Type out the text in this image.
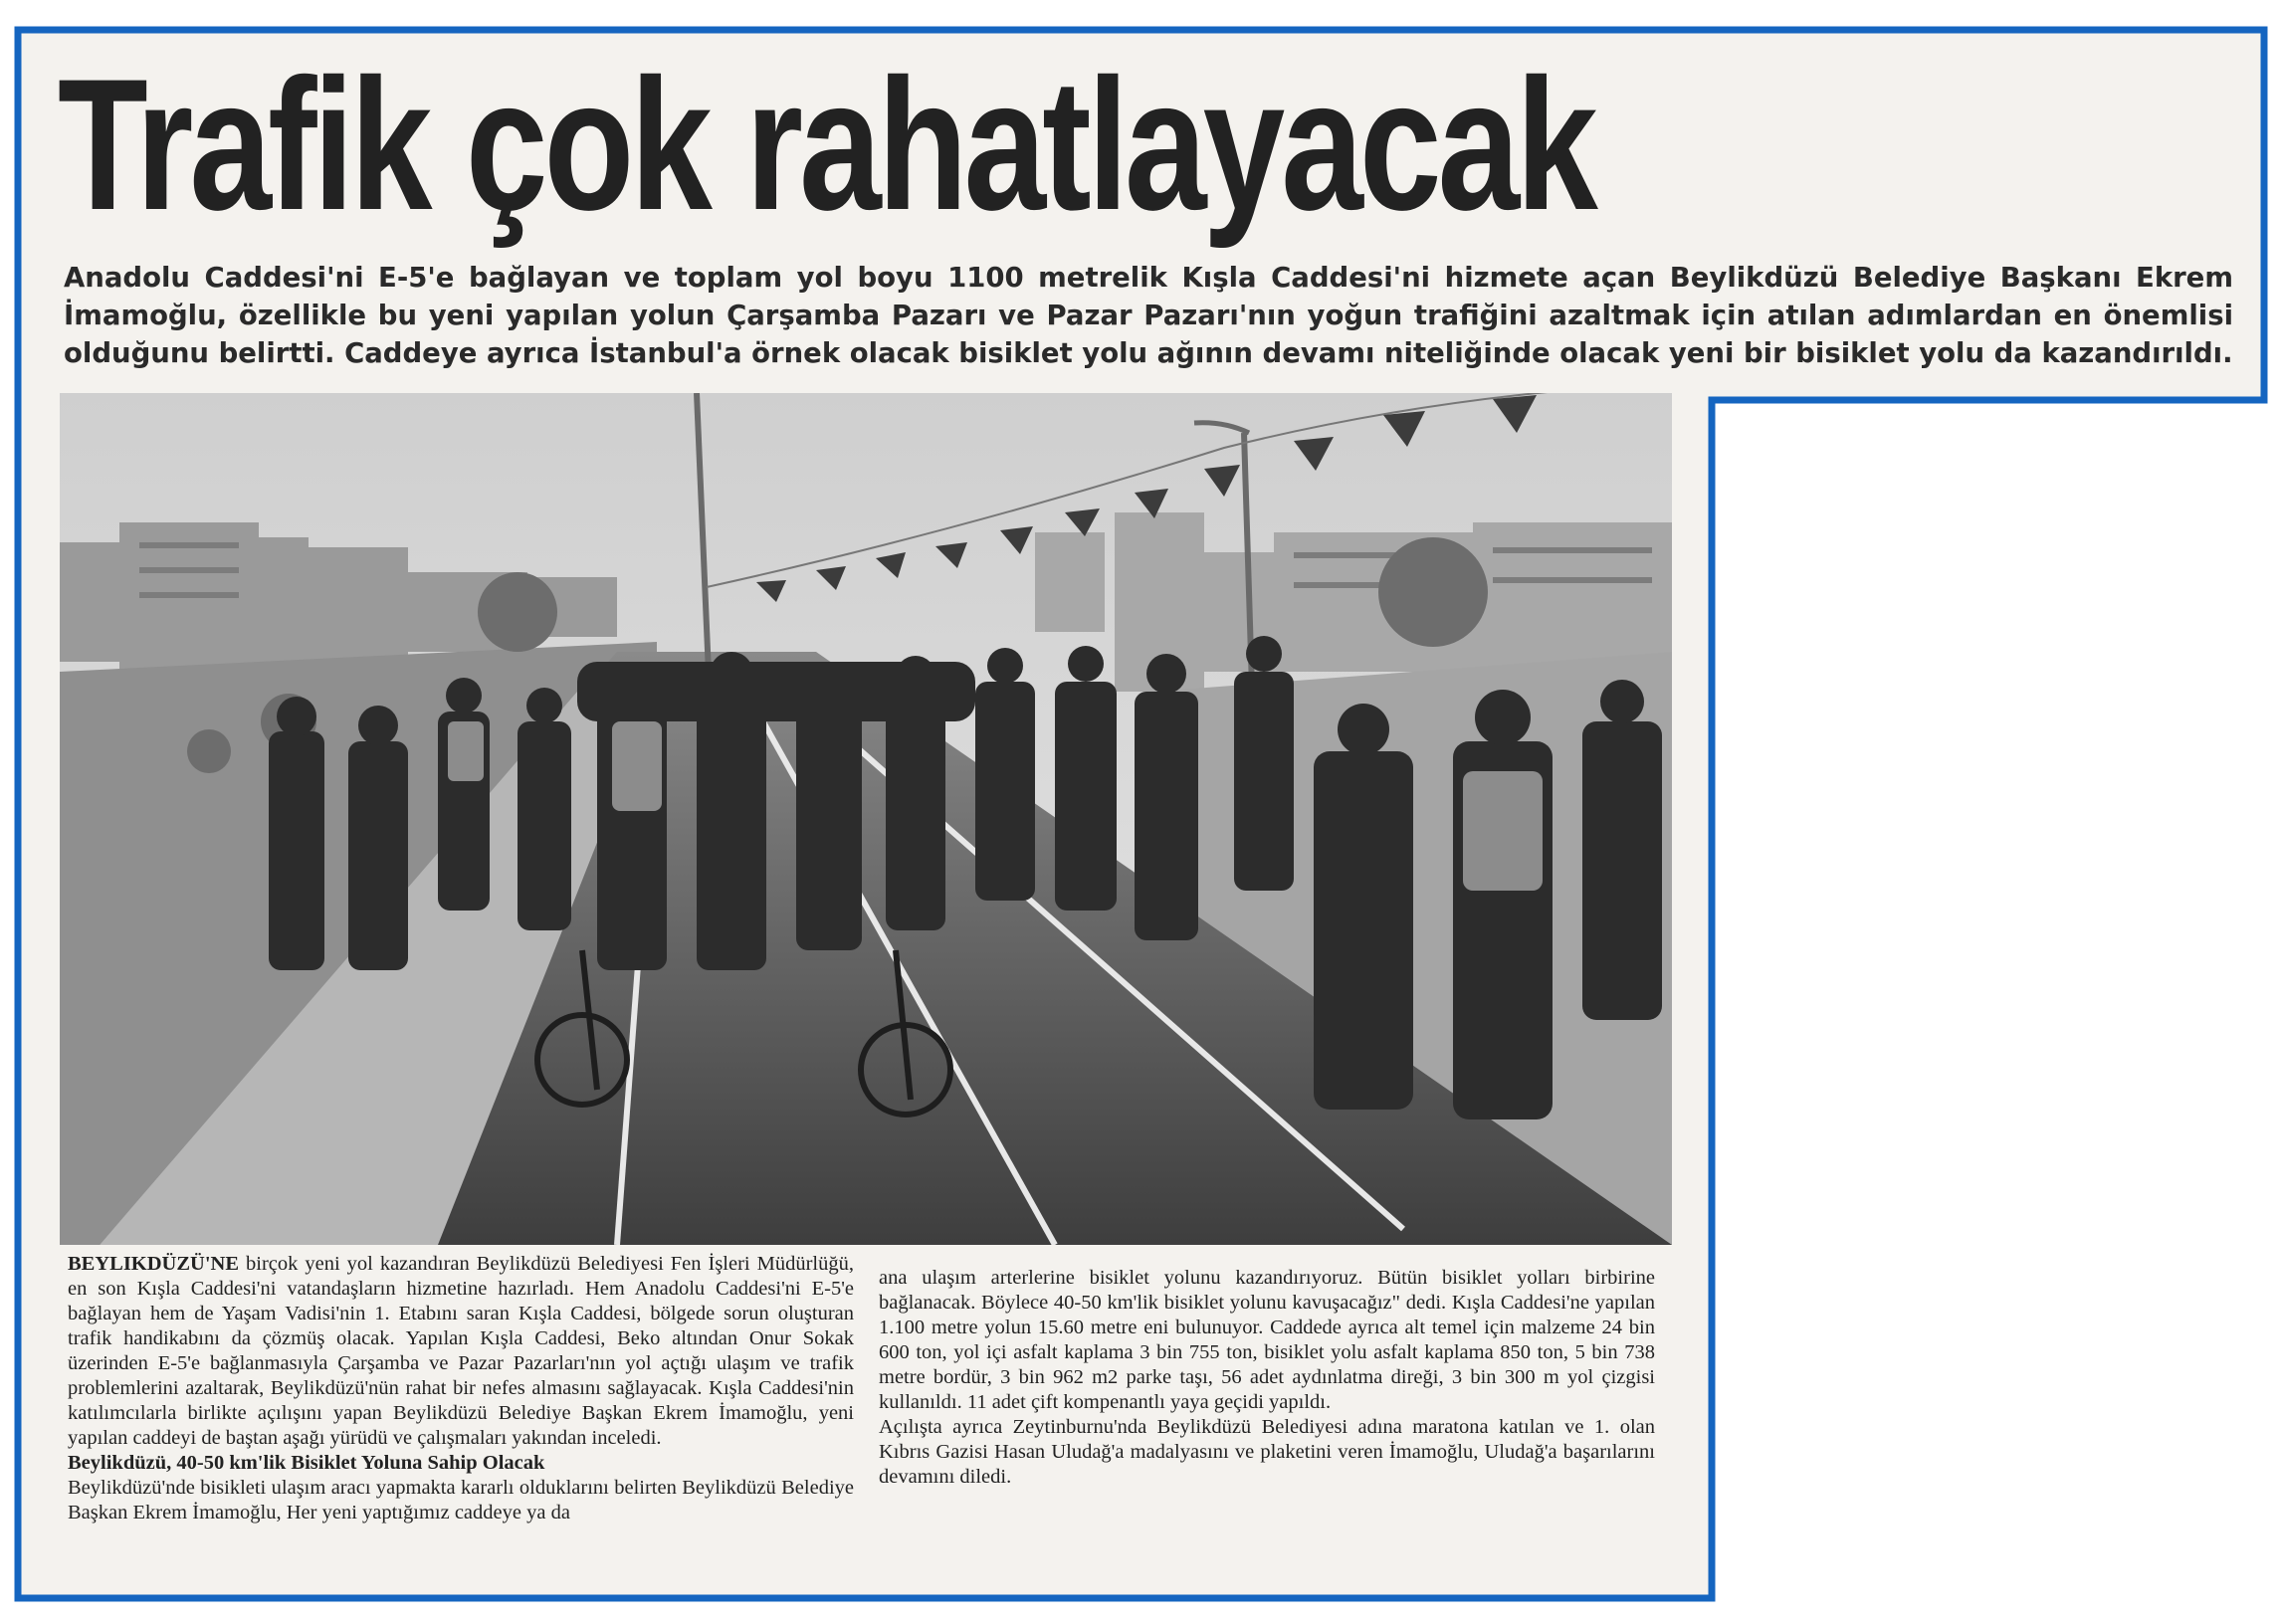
Trafik çok rahatlayacak
Anadolu Caddesi'ni E-5'e bağlayan ve toplam yol boyu 1100 metrelik Kışla Caddesi'ni hizmete açan Beylikdüzü Belediye Başkanı Ekrem
İmamoğlu, özellikle bu yeni yapılan yolun Çarşamba Pazarı ve Pazar Pazarı'nın yoğun trafiğini azaltmak için atılan adımlardan en önemlisi
olduğunu belirtti. Caddeye ayrıca İstanbul'a örnek olacak bisiklet yolu ağının devamı niteliğinde olacak yeni bir bisiklet yolu da kazandırıldı.

BEYLIKDÜZÜ'NE birçok yeni yol kazandıran Beylikdüzü Belediyesi Fen İşleri Müdürlüğü, en son Kışla Caddesi'ni vatandaşların hizmetine hazırladı. Hem Anadolu Caddesi'ni E-5'e bağlayan hem de Yaşam Vadisi'nin 1. Etabını saran Kışla Caddesi, bölgede sorun oluşturan trafik handikabını da çözmüş olacak. Yapılan Kışla Caddesi, Beko altından Onur Sokak üzerinden E-5'e bağlanmasıyla Çarşamba ve Pazar Pazarları'nın yol açtığı ulaşım ve trafik problemlerini azaltarak, Beylikdüzü'nün rahat bir nefes almasını sağlayacak. Kışla Caddesi'nin katılımcılarla birlikte açılışını yapan Beylikdüzü Belediye Başkan Ekrem İmamoğlu, yeni yapılan caddeyi de baştan aşağı yürüdü ve çalışmaları yakından inceledi.

Beylikdüzü, 40-50 km'lik Bisiklet Yoluna Sahip Olacak

Beylikdüzü'nde bisikleti ulaşım aracı yapmakta kararlı olduklarını belirten Beylikdüzü Belediye Başkan Ekrem İmamoğlu, Her yeni yaptığımız caddeye ya da

ana ulaşım arterlerine bisiklet yolunu kazandırıyoruz. Bütün bisiklet yolları birbirine bağlanacak. Böylece 40-50 km'lik bisiklet yolunu kavuşacağız" dedi. Kışla Caddesi'ne yapılan 1.100 metre yolun 15.60 metre eni bulunuyor. Caddede ayrıca alt temel için malzeme 24 bin 600 ton, yol içi asfalt kaplama 3 bin 755 ton, bisiklet yolu asfalt kaplama 850 ton, 5 bin 738 metre bordür, 3 bin 962 m2 parke taşı, 56 adet aydınlatma direği, 3 bin 300 m yol çizgisi kullanıldı. 11 adet çift kompenantlı yaya geçidi yapıldı.

Açılışta ayrıca Zeytinburnu'nda Beylikdüzü Belediyesi adına maratona katılan ve 1. olan Kıbrıs Gazisi Hasan Uludağ'a madalyasını ve plaketini veren İmamoğlu, Uludağ'a başarılarını devamını diledi.
